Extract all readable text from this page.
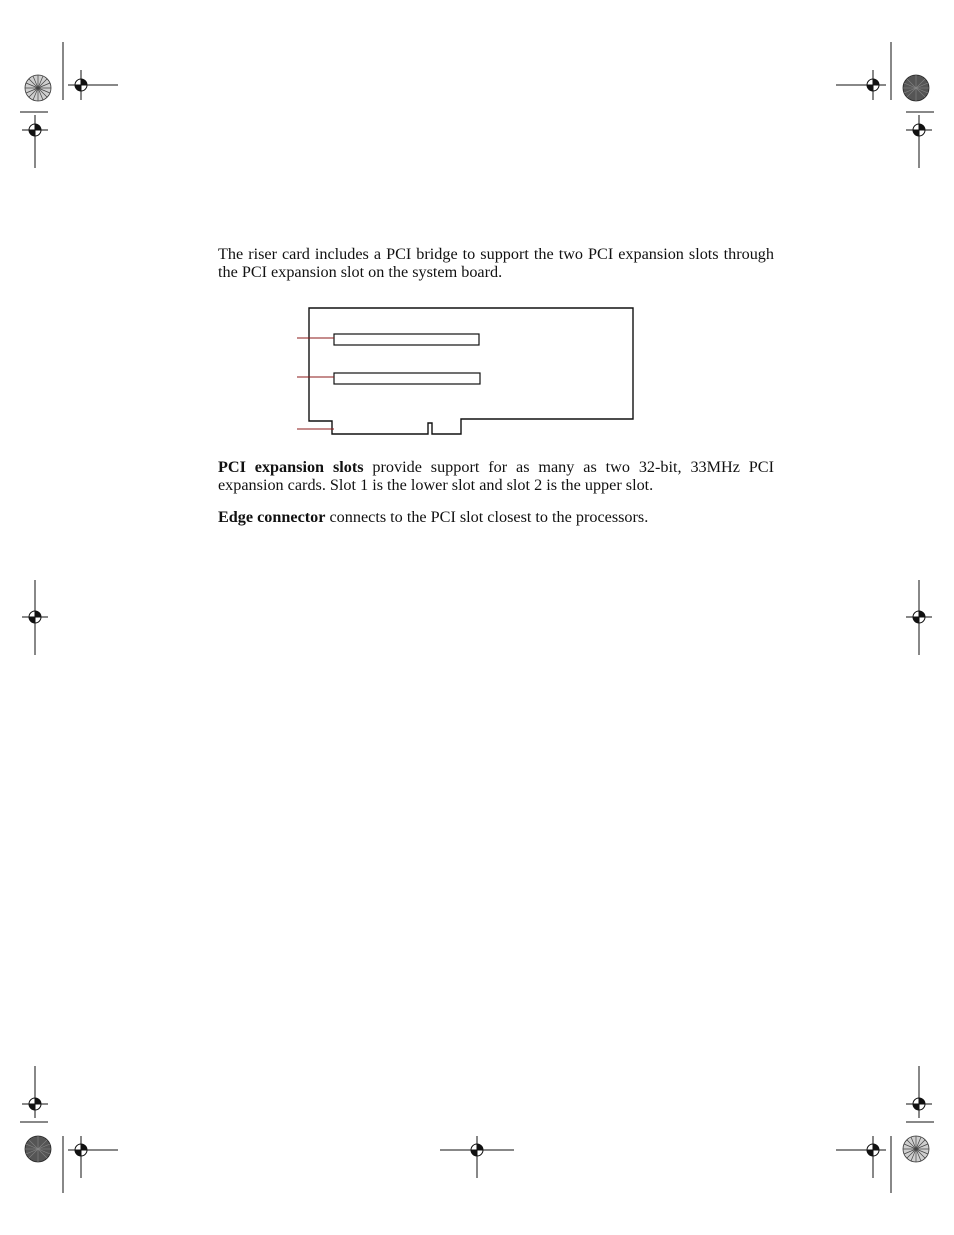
The riser card includes a PCI bridge to support the two PCI expansion slots through the PCI expansion slot on the system board.

PCI expansion slots provide support for as many as two 32-bit, 33MHz PCI expansion cards. Slot 1 is the lower slot and slot 2 is the upper slot.

Edge connector connects to the PCI slot closest to the processors.
